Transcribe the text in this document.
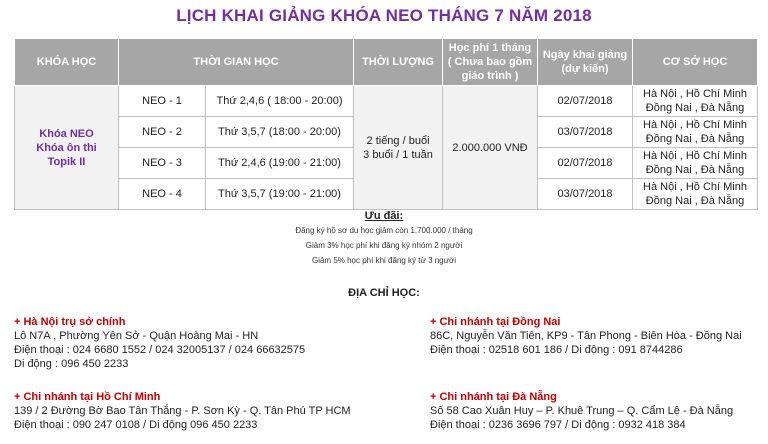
LỊCH KHAI GIẢNG KHÓA NEO THÁNG 7 NĂM 2018
KHÓA HỌC	THỜI GIAN HỌC		THỜI LƯỢNG	Học phí 1 tháng
( Chưa bao gồm
giáo trình )	Ngày khai giảng
(dự kiến)	CƠ SỞ HỌC
Khóa NEO
Khóa ôn thi
Topik II	NEO - 1	Thứ 2,4,6 ( 18:00 - 20:00)	2 tiếng / buổi
3 buổi / 1 tuần	2.000.000 VNĐ	02/07/2018	Hà Nội , Hồ Chí Minh
Đồng Nai , Đà Nẵng
	NEO - 2	Thứ 3,5,7 (18:00 - 20:00)			03/07/2018	Hà Nội , Hồ Chí Minh
Đồng Nai , Đà Nẵng
	NEO - 3	Thứ 2,4,6 (19:00 - 21:00)			02/07/2018	Hà Nội , Hồ Chí Minh
Đồng Nai , Đà Nẵng
	NEO - 4	Thứ 3,5,7 (19:00 - 21:00)			03/07/2018	Hà Nội , Hồ Chí Minh
Đồng Nai , Đà Nẵng
Ưu đãi:
Đăng ký hồ sơ du học giảm còn 1.700.000 / tháng
Giảm 3% học phí khi đăng ký nhóm 2 người
Giảm 5% học phí khi đăng ký từ 3 người
ĐỊA CHỈ HỌC:
+ Hà Nội trụ sở chính
Lô N7A , Phường Yên Sở - Quận Hoàng Mai - HN
Điện thoại : 024 6680 1552 / 024 32005137 / 024 66632575
Di động : 096 450 2233
+ Chi nhánh tại Đồng Nai
86C, Nguyễn Văn Tiên, KP9 - Tân Phong - Biên Hòa - Đồng Nai
Điện thoại : 02518 601 186 / Di động : 091 8744286
+ Chi nhánh tại Hồ Chí Minh
139 / 2 Đường Bờ Bao Tân Thắng - P. Sơn Kỳ - Q. Tân Phú TP HCM
Điện thoại : 090 247 0108 / Di động 096 450 2233
+ Chi nhánh tại Đà Nẵng
Số 58 Cao Xuân Huy – P. Khuê Trung – Q. Cẩm Lệ - Đà Nẵng
Điện thoại : 0236 3696 797 / Di động : 0932 418 384
